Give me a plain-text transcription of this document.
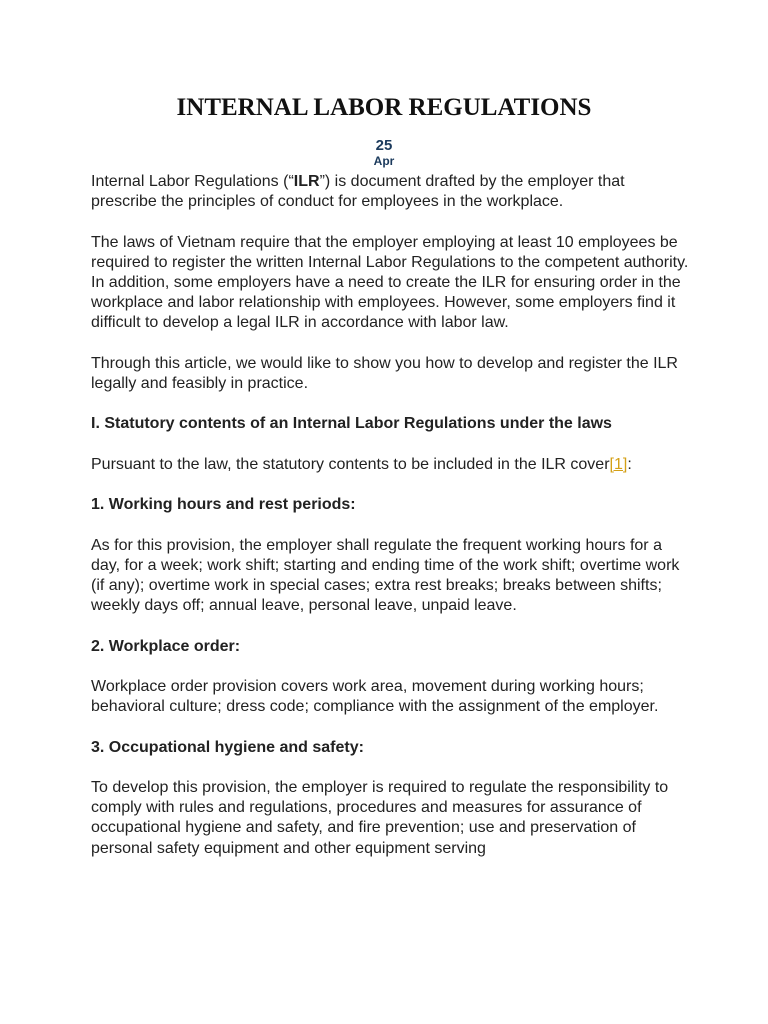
INTERNAL LABOR REGULATIONS
25
Apr

Internal Labor Regulations (“ILR”) is document drafted by the employer that prescribe the principles of conduct for employees in the workplace.

The laws of Vietnam require that the employer employing at least 10 employees be required to register the written Internal Labor Regulations to the competent authority. In addition, some employers have a need to create the ILR for ensuring order in the workplace and labor relationship with employees. However, some employers find it difficult to develop a legal ILR in accordance with labor law.

Through this article, we would like to show you how to develop and register the ILR legally and feasibly in practice.

I. Statutory contents of an Internal Labor Regulations under the laws

Pursuant to the law, the statutory contents to be included in the ILR cover[1]:

1. Working hours and rest periods:

As for this provision, the employer shall regulate the frequent working hours for a day, for a week; work shift; starting and ending time of the work shift; overtime work (if any); overtime work in special cases; extra rest breaks; breaks between shifts; weekly days off; annual leave, personal leave, unpaid leave.

2. Workplace order:

Workplace order provision covers work area, movement during working hours; behavioral culture; dress code; compliance with the assignment of the employer.

3. Occupational hygiene and safety:

To develop this provision, the employer is required to regulate the responsibility to comply with rules and regulations, procedures and measures for assurance of occupational hygiene and safety, and fire prevention; use and preservation of personal safety equipment and other equipment serving
